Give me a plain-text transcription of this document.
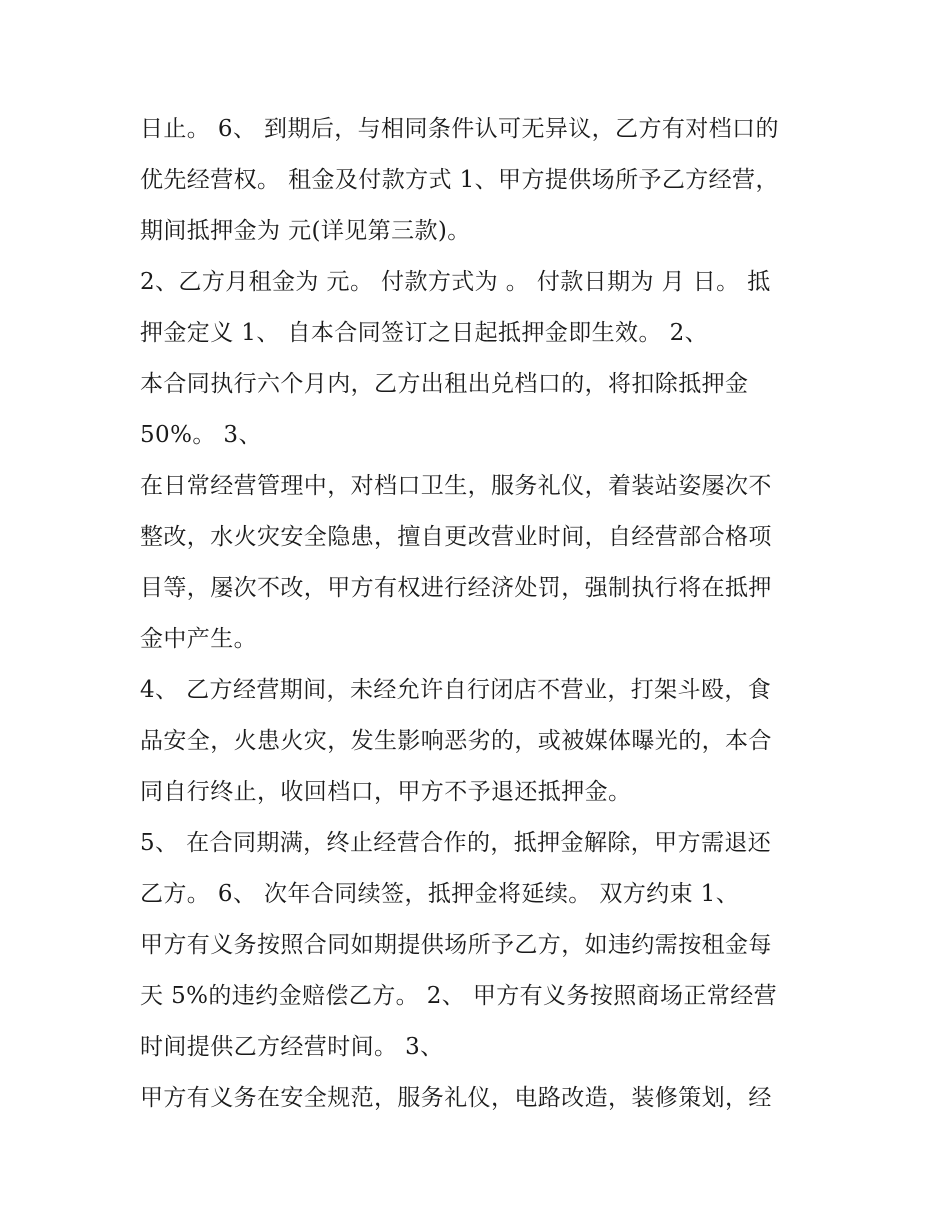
日止。 6、 到期后，与相同条件认可无异议，乙方有对档口的
优先经营权。 租金及付款方式 1、甲方提供场所予乙方经营，
期间抵押金为 元(详见第三款)。
2、乙方月租金为 元。 付款方式为 。 付款日期为 月 日。 抵
押金定义 1、 自本合同签订之日起抵押金即生效。 2、
本合同执行六个月内，乙方出租出兑档口的，将扣除抵押金
50%。 3、
在日常经营管理中，对档口卫生，服务礼仪，着装站姿屡次不
整改，水火灾安全隐患，擅自更改营业时间，自经营部合格项
目等，屡次不改，甲方有权进行经济处罚，强制执行将在抵押
金中产生。
4、 乙方经营期间，未经允许自行闭店不营业，打架斗殴，食
品安全，火患火灾，发生影响恶劣的，或被媒体曝光的，本合
同自行终止，收回档口，甲方不予退还抵押金。
5、 在合同期满，终止经营合作的，抵押金解除，甲方需退还
乙方。 6、 次年合同续签，抵押金将延续。 双方约束 1、
甲方有义务按照合同如期提供场所予乙方，如违约需按租金每
天 5%的违约金赔偿乙方。 2、 甲方有义务按照商场正常经营
时间提供乙方经营时间。 3、
甲方有义务在安全规范，服务礼仪，电路改造，装修策划，经
